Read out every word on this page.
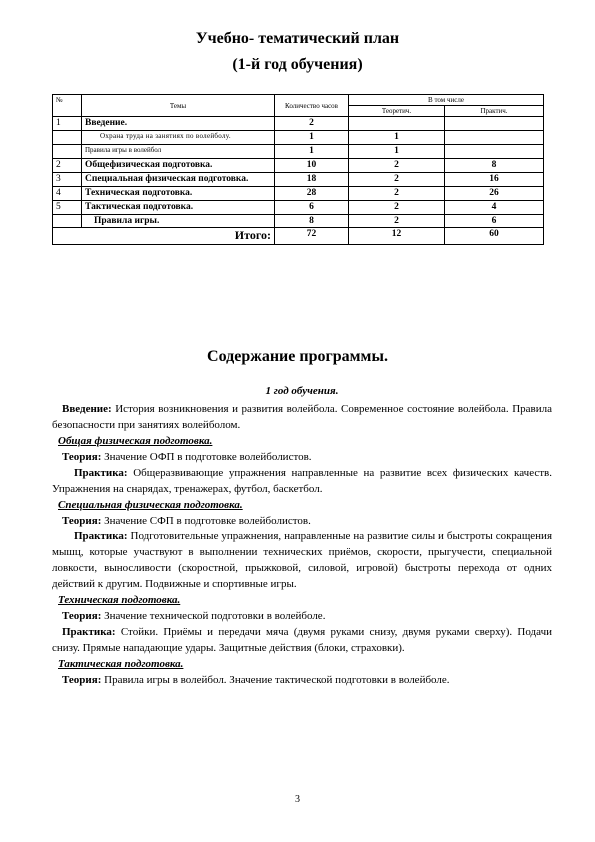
Учебно- тематический план
(1-й год обучения)
№	Темы	Количество часов	В том числе	
			Теоретич.	Практич.
1	Введение.	2		
	Охрана труда на занятиях по волейболу.	1	1	
	Правила игры в волейбол	1	1	
2	Общефизическая подготовка.	10	2	8
3	Специальная физическая подготовка.	18	2	16
4	Техническая подготовка.	28	2	26
5	Тактическая подготовка.	6	2	4
	Правила игры.	8	2	6
Итого:		72	12	60
Содержание программы.

1 год обучения.

Введение: История возникновения и развития волейбола. Современное состояние волейбола. Правила безопасности при занятиях волейболом.

Общая физическая подготовка.

Теория: Значение ОФП в подготовке волейболистов.

Практика: Общеразвивающие упражнения направленные на развитие всех физических качеств. Упражнения на снарядах, тренажерах, футбол, баскетбол.

Специальная физическая подготовка.

Теория: Значение СФП в подготовке волейболистов.

Практика: Подготовительные упражнения, направленные на развитие силы и быстроты сокращения мышц, которые участвуют в выполнении технических приёмов, скорости, прыгучести, специальной ловкости, выносливости (скоростной, прыжковой, силовой, игровой) быстроты перехода от одних действий к другим. Подвижные и спортивные игры.

Техническая подготовка.

Теория: Значение технической подготовки в волейболе.

Практика: Стойки. Приёмы и передачи мяча (двумя руками снизу, двумя руками сверху). Подачи снизу. Прямые нападающие удары. Защитные действия (блоки, страховки).

Тактическая подготовка.

Теория: Правила игры в волейбол. Значение тактической подготовки в волейболе.

3
